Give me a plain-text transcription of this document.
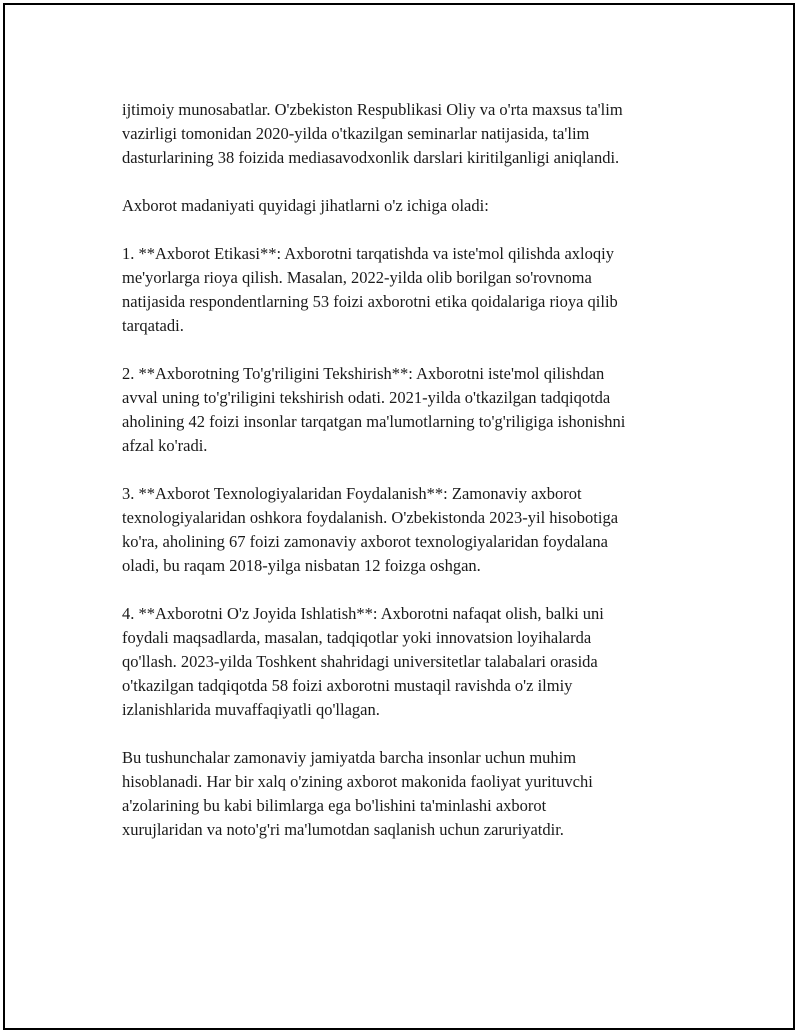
ijtimoiy munosabatlar. O'zbekiston Respublikasi Oliy va o'rta maxsus ta'lim
vazirligi tomonidan 2020-yilda o'tkazilgan seminarlar natijasida, ta'lim
dasturlarining 38 foizida mediasavodxonlik darslari kiritilganligi aniqlandi.

Axborot madaniyati quyidagi jihatlarni o'z ichiga oladi:

1. **Axborot Etikasi**: Axborotni tarqatishda va iste'mol qilishda axloqiy
me'yorlarga rioya qilish. Masalan, 2022-yilda olib borilgan so'rovnoma
natijasida respondentlarning 53 foizi axborotni etika qoidalariga rioya qilib
tarqatadi.

2. **Axborotning To'g'riligini Tekshirish**: Axborotni iste'mol qilishdan
avval uning to'g'riligini tekshirish odati. 2021-yilda o'tkazilgan tadqiqotda
aholining 42 foizi insonlar tarqatgan ma'lumotlarning to'g'riligiga ishonishni
afzal ko'radi.

3. **Axborot Texnologiyalaridan Foydalanish**: Zamonaviy axborot
texnologiyalaridan oshkora foydalanish. O'zbekistonda 2023-yil hisobotiga
ko'ra, aholining 67 foizi zamonaviy axborot texnologiyalaridan foydalana
oladi, bu raqam 2018-yilga nisbatan 12 foizga oshgan.

4. **Axborotni O'z Joyida Ishlatish**: Axborotni nafaqat olish, balki uni
foydali maqsadlarda, masalan, tadqiqotlar yoki innovatsion loyihalarda
qo'llash. 2023-yilda Toshkent shahridagi universitetlar talabalari orasida
o'tkazilgan tadqiqotda 58 foizi axborotni mustaqil ravishda o'z ilmiy
izlanishlarida muvaffaqiyatli qo'llagan.

Bu tushunchalar zamonaviy jamiyatda barcha insonlar uchun muhim
hisoblanadi. Har bir xalq o'zining axborot makonida faoliyat yurituvchi
a'zolarining bu kabi bilimlarga ega bo'lishini ta'minlashi axborot
xurujlaridan va noto'g'ri ma'lumotdan saqlanish uchun zaruriyatdir.
